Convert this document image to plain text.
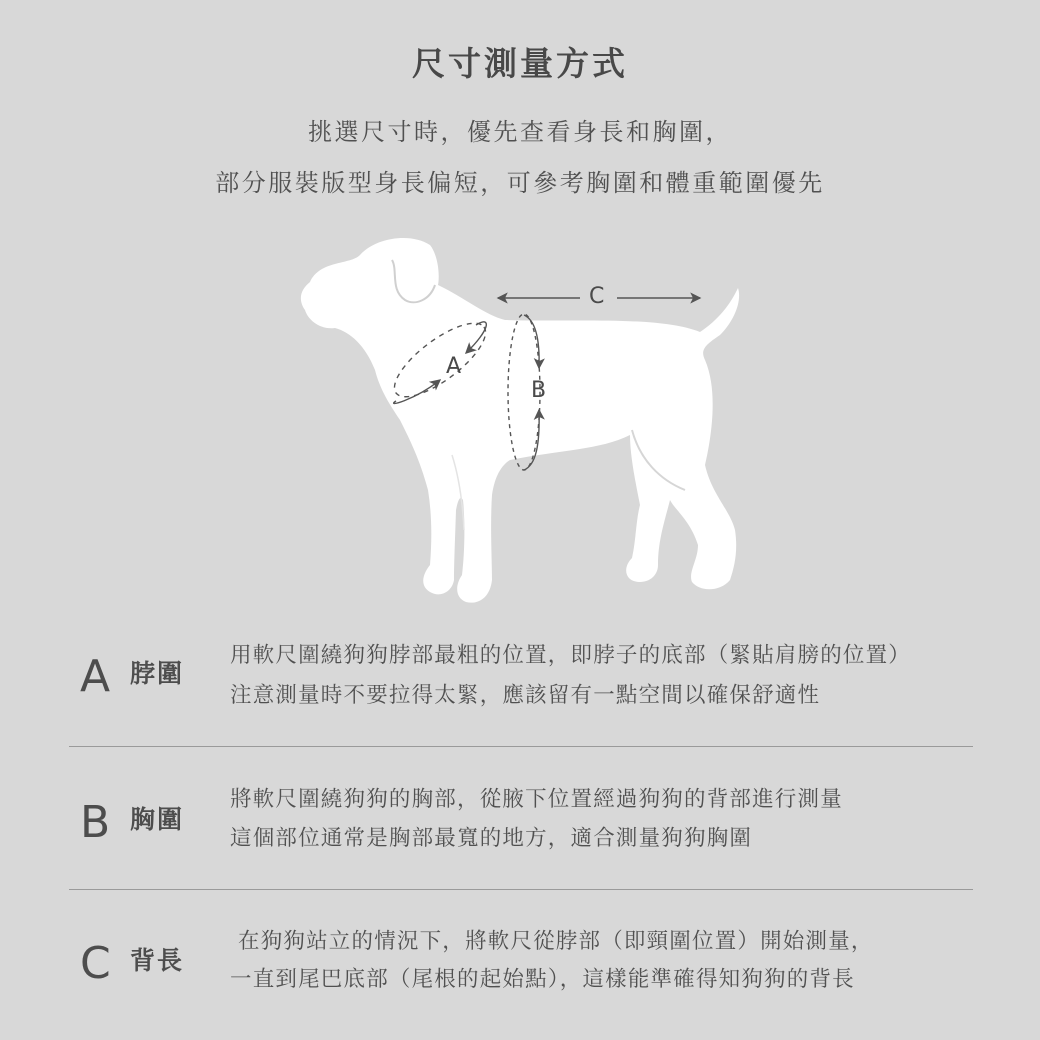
尺寸測量方式
挑選尺寸時，優先查看身長和胸圍，
部分服裝版型身長偏短，可參考胸圍和體重範圍優先
A
B
C
A 脖圍
用軟尺圍繞狗狗脖部最粗的位置，即脖子的底部（緊貼肩膀的位置）
注意測量時不要拉得太緊，應該留有一點空間以確保舒適性
B 胸圍
將軟尺圍繞狗狗的胸部，從腋下位置經過狗狗的背部進行測量
這個部位通常是胸部最寬的地方，適合測量狗狗胸圍
C 背長
在狗狗站立的情況下，將軟尺從脖部（即頸圍位置）開始測量，
一直到尾巴底部（尾根的起始點），這樣能準確得知狗狗的背長
